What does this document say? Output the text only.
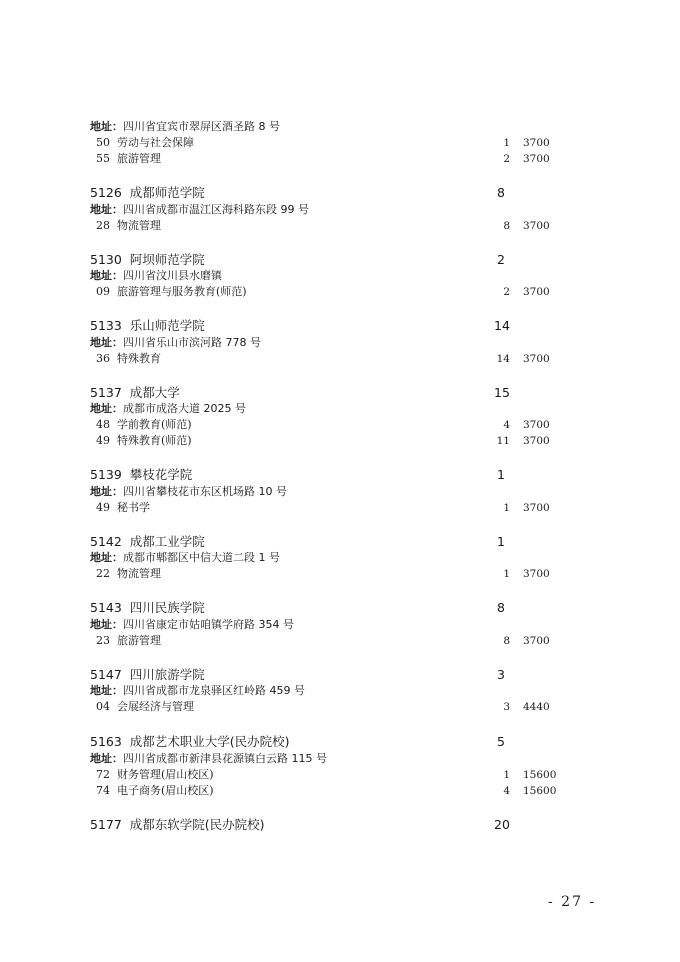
地址：四川省宜宾市翠屏区酒圣路 8 号
50 劳动与社会保障	1 3700
55 旅游管理	2 3700
5126 成都师范学院	8
地址：四川省成都市温江区海科路东段 99 号
28 物流管理	8 3700
5130 阿坝师范学院	2
地址：四川省汶川县水磨镇
09 旅游管理与服务教育(师范)	2 3700
5133 乐山师范学院	14
地址：四川省乐山市滨河路 778 号
36 特殊教育	14 3700
5137 成都大学	15
地址：成都市成洛大道 2025 号
48 学前教育(师范)	4 3700
49 特殊教育(师范)	11 3700
5139 攀枝花学院	1
地址：四川省攀枝花市东区机场路 10 号
49 秘书学	1 3700
5142 成都工业学院	1
地址：成都市郫都区中信大道二段 1 号
22 物流管理	1 3700
5143 四川民族学院	8
地址：四川省康定市姑咱镇学府路 354 号
23 旅游管理	8 3700
5147 四川旅游学院	3
地址：四川省成都市龙泉驿区红岭路 459 号
04 会展经济与管理	3 4440
5163 成都艺术职业大学(民办院校)	5
地址：四川省成都市新津县花源镇白云路 115 号
72 财务管理(眉山校区)	1 15600
74 电子商务(眉山校区)	4 15600
5177 成都东软学院(民办院校)	20
- 27 -
